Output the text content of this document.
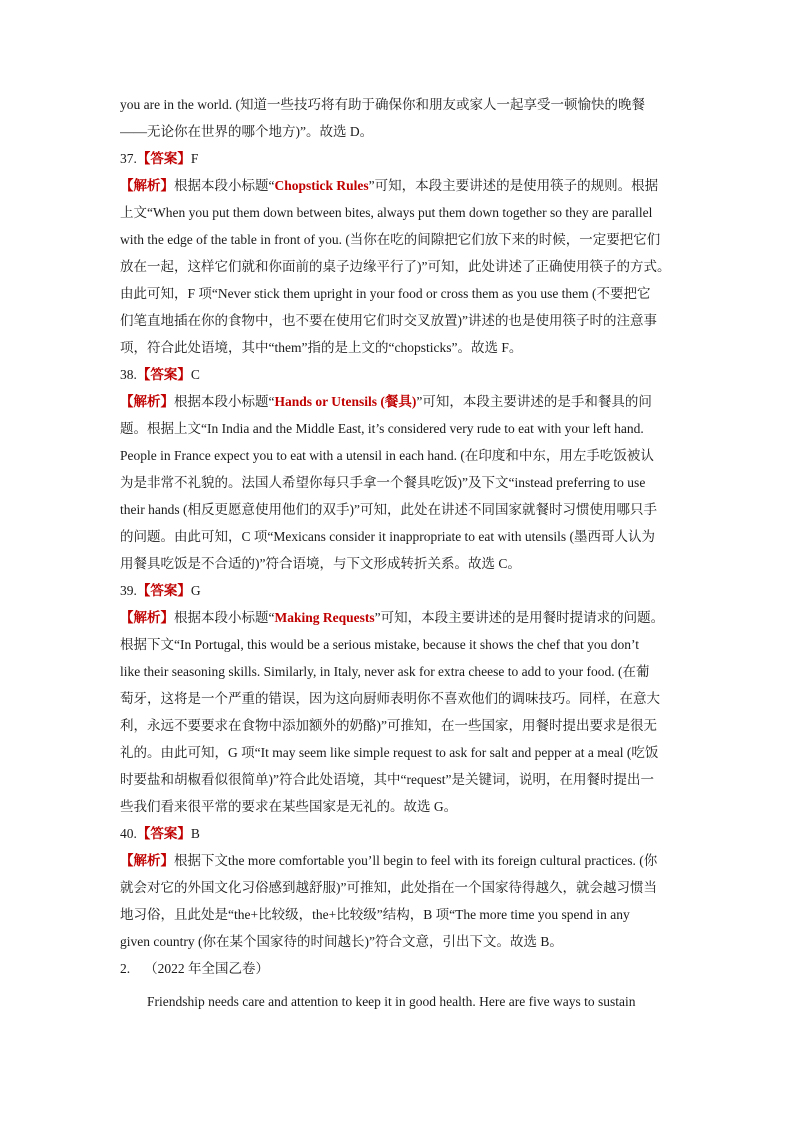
you are in the world. (知道一些技巧将有助于确保你和朋友或家人一起享受一顿愉快的晚餐
——无论你在世界的哪个地方)”。故选 D。
37.【答案】F
【解析】根据本段小标题“Chopstick Rules”可知，本段主要讲述的是使用筷子的规则。根据
上文“When you put them down between bites, always put them down together so they are parallel
with the edge of the table in front of you. (当你在吃的间隙把它们放下来的时候，一定要把它们
放在一起，这样它们就和你面前的桌子边缘平行了)”可知，此处讲述了正确使用筷子的方式。
由此可知，F 项“Never stick them upright in your food or cross them as you use them (不要把它
们笔直地插在你的食物中，也不要在使用它们时交叉放置)”讲述的也是使用筷子时的注意事
项，符合此处语境，其中“them”指的是上文的“chopsticks”。故选 F。
38.【答案】C
【解析】根据本段小标题“Hands or Utensils (餐具)”可知，本段主要讲述的是手和餐具的问
题。根据上文“In India and the Middle East, it’s considered very rude to eat with your left hand.
People in France expect you to eat with a utensil in each hand. (在印度和中东，用左手吃饭被认
为是非常不礼貌的。法国人希望你每只手拿一个餐具吃饭)”及下文“instead preferring to use
their hands (相反更愿意使用他们的双手)”可知，此处在讲述不同国家就餐时习惯使用哪只手
的问题。由此可知，C 项“Mexicans consider it inappropriate to eat with utensils (墨西哥人认为
用餐具吃饭是不合适的)”符合语境，与下文形成转折关系。故选 C。
39.【答案】G
【解析】根据本段小标题“Making Requests”可知，本段主要讲述的是用餐时提请求的问题。
根据下文“In Portugal, this would be a serious mistake, because it shows the chef that you don’t
like their seasoning skills. Similarly, in Italy, never ask for extra cheese to add to your food. (在葡
萄牙，这将是一个严重的错误，因为这向厨师表明你不喜欢他们的调味技巧。同样，在意大
利，永远不要要求在食物中添加额外的奶酪)”可推知，在一些国家，用餐时提出要求是很无
礼的。由此可知，G 项“It may seem like simple request to ask for salt and pepper at a meal (吃饭
时要盐和胡椒看似很简单)”符合此处语境，其中“request”是关键词，说明，在用餐时提出一
些我们看来很平常的要求在某些国家是无礼的。故选 G。
40.【答案】B
【解析】根据下文the more comfortable you’ll begin to feel with its foreign cultural practices. (你
就会对它的外国文化习俗感到越舒服)”可推知，此处指在一个国家待得越久，就会越习惯当
地习俗，且此处是“the+比较级，the+比较级”结构，B 项“The more time you spend in any
given country (你在某个国家待的时间越长)”符合文意，引出下文。故选 B。
2. （2022 年全国乙卷）
Friendship needs care and attention to keep it in good health. Here are five ways to sustain
